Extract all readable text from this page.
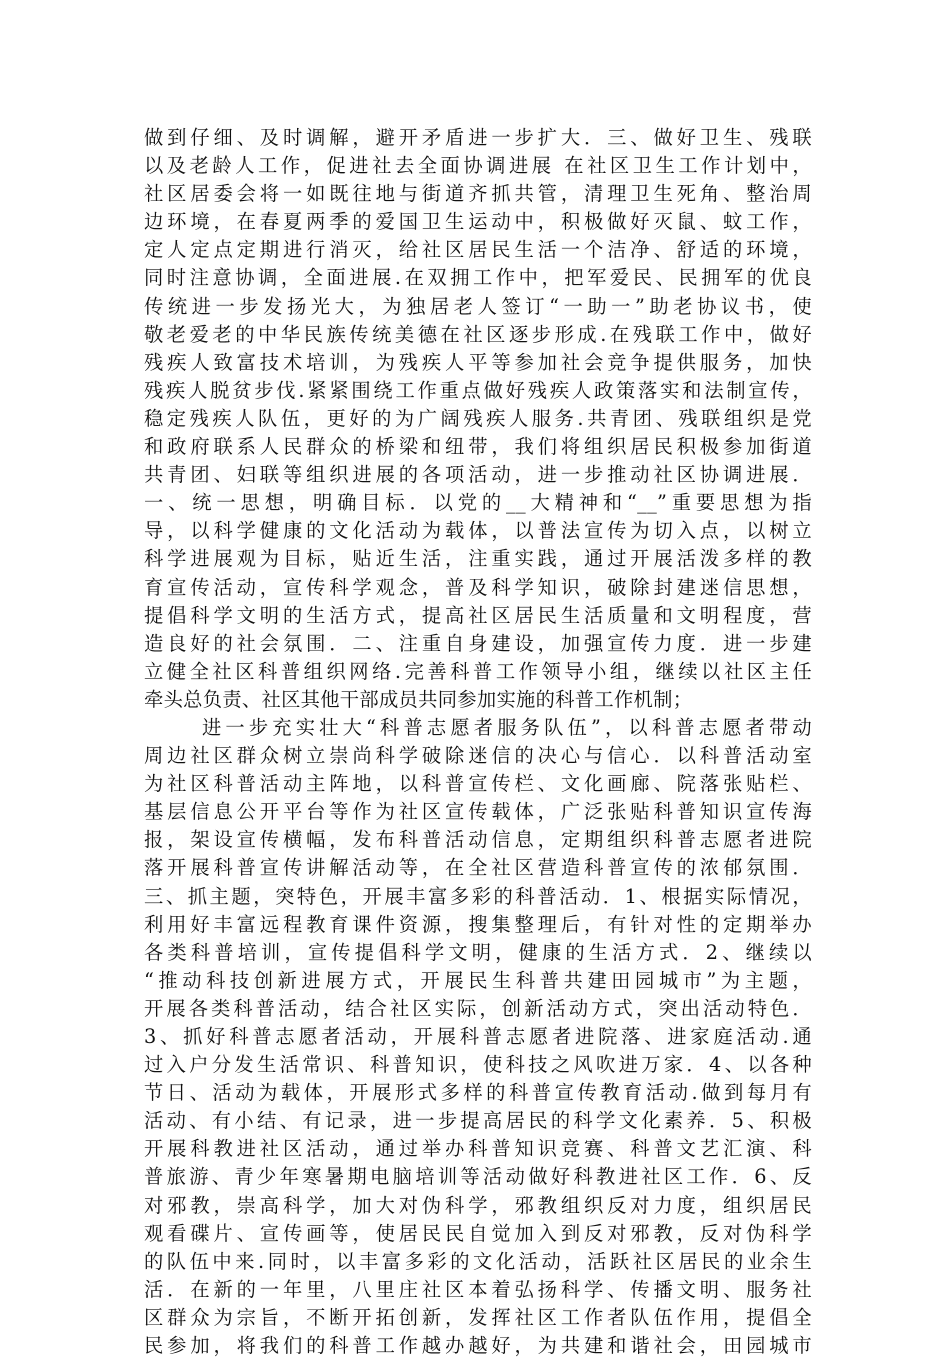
做到仔细、及时调解，避开矛盾进一步扩大．三、做好卫生、残联
以及老龄人工作，促进社去全面协调进展 在社区卫生工作计划中，
社区居委会将一如既往地与街道齐抓共管，清理卫生死角、整治周
边环境，在春夏两季的爱国卫生运动中，积极做好灭鼠、蚊工作，
定人定点定期进行消灭，给社区居民生活一个洁净、舒适的环境，
同时注意协调，全面进展.在双拥工作中，把军爱民、民拥军的优良
传统进一步发扬光大，为独居老人签订“一助一”助老协议书，使
敬老爱老的中华民族传统美德在社区逐步形成.在残联工作中，做好
残疾人致富技术培训，为残疾人平等参加社会竞争提供服务，加快
残疾人脱贫步伐.紧紧围绕工作重点做好残疾人政策落实和法制宣传，
稳定残疾人队伍，更好的为广阔残疾人服务.共青团、残联组织是党
和政府联系人民群众的桥梁和纽带，我们将组织居民积极参加街道
共青团、妇联等组织进展的各项活动，进一步推动社区协调进展．
一、统一思想，明确目标．以党的__大精神和“__”重要思想为指
导，以科学健康的文化活动为载体，以普法宣传为切入点，以树立
科学进展观为目标，贴近生活，注重实践，通过开展活泼多样的教
育宣传活动，宣传科学观念，普及科学知识，破除封建迷信思想，
提倡科学文明的生活方式，提高社区居民生活质量和文明程度，营
造良好的社会氛围．二、注重自身建设，加强宣传力度．进一步建
立健全社区科普组织网络.完善科普工作领导小组，继续以社区主任
牵头总负责、社区其他干部成员共同参加实施的科普工作机制；
进一步充实壮大“科普志愿者服务队伍”，以科普志愿者带动
周边社区群众树立崇尚科学破除迷信的决心与信心．以科普活动室
为社区科普活动主阵地，以科普宣传栏、文化画廊、院落张贴栏、
基层信息公开平台等作为社区宣传载体，广泛张贴科普知识宣传海
报，架设宣传横幅，发布科普活动信息，定期组织科普志愿者进院
落开展科普宣传讲解活动等，在全社区营造科普宣传的浓郁氛围．
三、抓主题，突特色，开展丰富多彩的科普活动．1、根据实际情况，
利用好丰富远程教育课件资源，搜集整理后，有针对性的定期举办
各类科普培训，宣传提倡科学文明，健康的生活方式．2、继续以
“推动科技创新进展方式，开展民生科普共建田园城市”为主题，
开展各类科普活动，结合社区实际，创新活动方式，突出活动特色．
3、抓好科普志愿者活动，开展科普志愿者进院落、进家庭活动.通
过入户分发生活常识、科普知识，使科技之风吹进万家．4、以各种
节日、活动为载体，开展形式多样的科普宣传教育活动.做到每月有
活动、有小结、有记录，进一步提高居民的科学文化素养．5、积极
开展科教进社区活动，通过举办科普知识竞赛、科普文艺汇演、科
普旅游、青少年寒暑期电脑培训等活动做好科教进社区工作．6、反
对邪教，崇高科学，加大对伪科学，邪教组织反对力度，组织居民
观看碟片、宣传画等，使居民民自觉加入到反对邪教，反对伪科学
的队伍中来.同时，以丰富多彩的文化活动，活跃社区居民的业余生
活．在新的一年里，八里庄社区本着弘扬科学、传播文明、服务社
区群众为宗旨，不断开拓创新，发挥社区工作者队伍作用，提倡全
民参加，将我们的科普工作越办越好，为共建和谐社会，田园城市
